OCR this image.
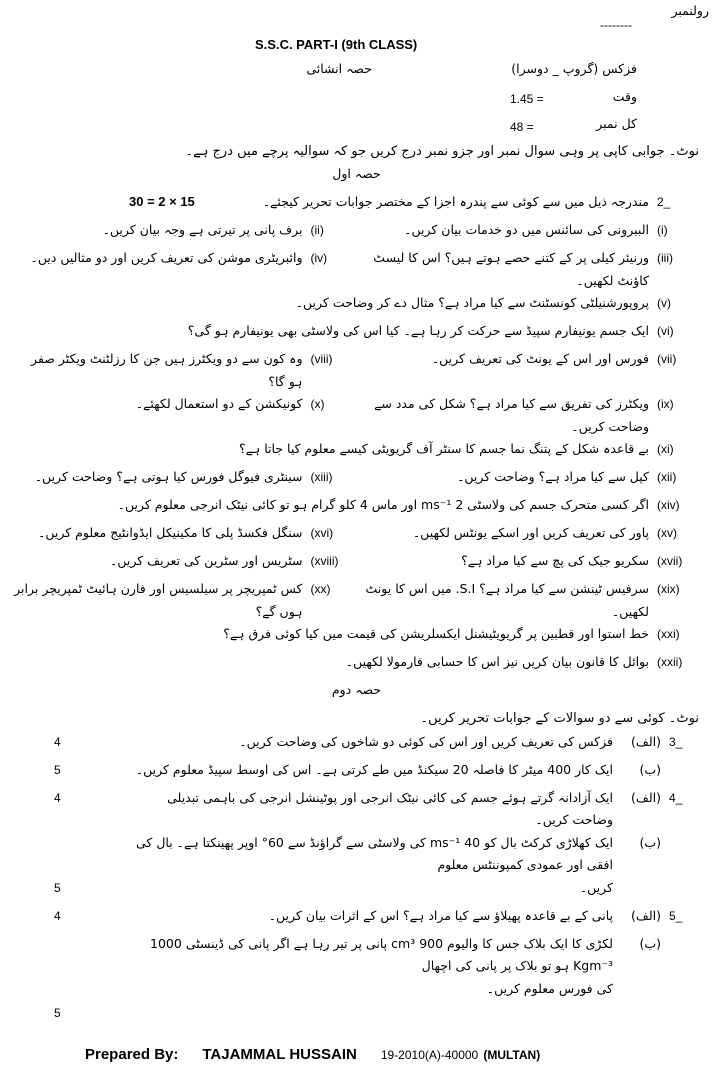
رولنمبر
--------
S.S.C. PART-I (9th CLASS)
فزکس (گروپ _ دوسرا)
حصہ انشائی
وقت
1.45 =
کل نمبر
48 =
نوٹ۔ جوابی کاپی پر وہی سوال نمبر اور جزو نمبر درج کریں جو کہ سوالیہ پرچے میں درج ہے۔
حصہ اول
2_
مندرجہ ذیل میں سے کوئی سے پندرہ اجزا کے مختصر جوابات تحریر کیجئے۔
30 = 2 × 15
(i)
البیرونی کی سائنس میں دو خدمات بیان کریں۔
(ii)
برف پانی پر تیرتی ہے وجہ بیان کریں۔
(iii)
ورنیئر کیلی پر کے کتنے حصے ہوتے ہیں؟ اس کا لیسٹ کاؤنٹ لکھیں۔
(iv)
وائبریٹری موشن کی تعریف کریں اور دو مثالیں دیں۔
(v)
پروپورشنیلٹی کونسٹنٹ سے کیا مراد ہے؟ مثال دے کر وضاحت کریں۔
(vi)
ایک جسم یونیفارم سپیڈ سے حرکت کر رہا ہے۔ کیا اس کی ولاسٹی بھی یونیفارم ہو گی؟
(vii)
فورس اور اس کے یونٹ کی تعریف کریں۔
(viii)
وہ کون سے دو ویکٹرز ہیں جن کا رزلٹنٹ ویکٹر صفر ہو گا؟
(ix)
ویکٹرز کی تفریق سے کیا مراد ہے؟ شکل کی مدد سے وضاحت کریں۔
(x)
کونیکشن کے دو استعمال لکھئے۔
(xi)
بے قاعدہ شکل کے پتنگ نما جسم کا سنٹر آف گریویٹی کیسے معلوم کیا جاتا ہے؟
(xii)
کپل سے کیا مراد ہے؟ وضاحت کریں۔
(xiii)
سینٹری فیوگل فورس کیا ہوتی ہے؟ وضاحت کریں۔
(xiv)
اگر کسی متحرک جسم کی ولاسٹی 2 ms⁻¹ اور ماس 4 کلو گرام ہو تو کائی نیٹک انرجی معلوم کریں۔
(xv)
پاور کی تعریف کریں اور اسکے یونٹس لکھیں۔
(xvi)
سنگل فکسڈ پلی کا مکینیکل ایڈوانٹیج معلوم کریں۔
(xvii)
سکریو جیک کی پچ سے کیا مراد ہے؟
(xviii)
سٹریس اور سٹرین کی تعریف کریں۔
(xix)
سرفیس ٹینشن سے کیا مراد ہے؟ S.I. میں اس کا یونٹ لکھیں۔
(xx)
کس ٹمپریچر پر سیلسیس اور فارن ہائیٹ ٹمپریچر برابر ہوں گے؟
(xxi)
خط استوا اور قطبین پر گریویٹیشنل ایکسلریشن کی قیمت میں کیا کوئی فرق ہے؟
(xxii)
بوائل کا قانون بیان کریں نیز اس کا حسابی فارمولا لکھیں۔
حصہ دوم
نوٹ۔ کوئی سے دو سوالات کے جوابات تحریر کریں۔
3_
(الف)
فزکس کی تعریف کریں اور اس کی کوئی دو شاخوں کی وضاحت کریں۔
4
(ب)
ایک کار 400 میٹر کا فاصلہ 20 سیکنڈ میں طے کرتی ہے۔ اس کی اوسط سپیڈ معلوم کریں۔
5
4_
(الف)
ایک آزادانہ گرتے ہوئے جسم کی کائی نیٹک انرجی اور پوٹینشل انرجی کی باہمی تبدیلی وضاحت کریں۔
4
(ب)
ایک کھلاڑی کرکٹ بال کو 40 ms⁻¹ کی ولاسٹی سے گراؤنڈ سے 60° اوپر پھینکتا ہے۔ بال کی افقی اور عمودی کمپوننٹس معلوم
کریں۔
5
5_
(الف)
پانی کے بے قاعدہ پھیلاؤ سے کیا مراد ہے؟ اس کے اثرات بیان کریں۔
4
(ب)
لکڑی کا ایک بلاک جس کا والیوم 900 cm³ پانی پر تیر رہا ہے اگر پانی کی ڈینسٹی 1000 Kgm⁻³ ہو تو بلاک پر پانی کی اچھال
کی فورس معلوم کریں۔
5
Prepared By: TAJAMMAL HUSSAIN 19-2010(A)-40000 (MULTAN)
